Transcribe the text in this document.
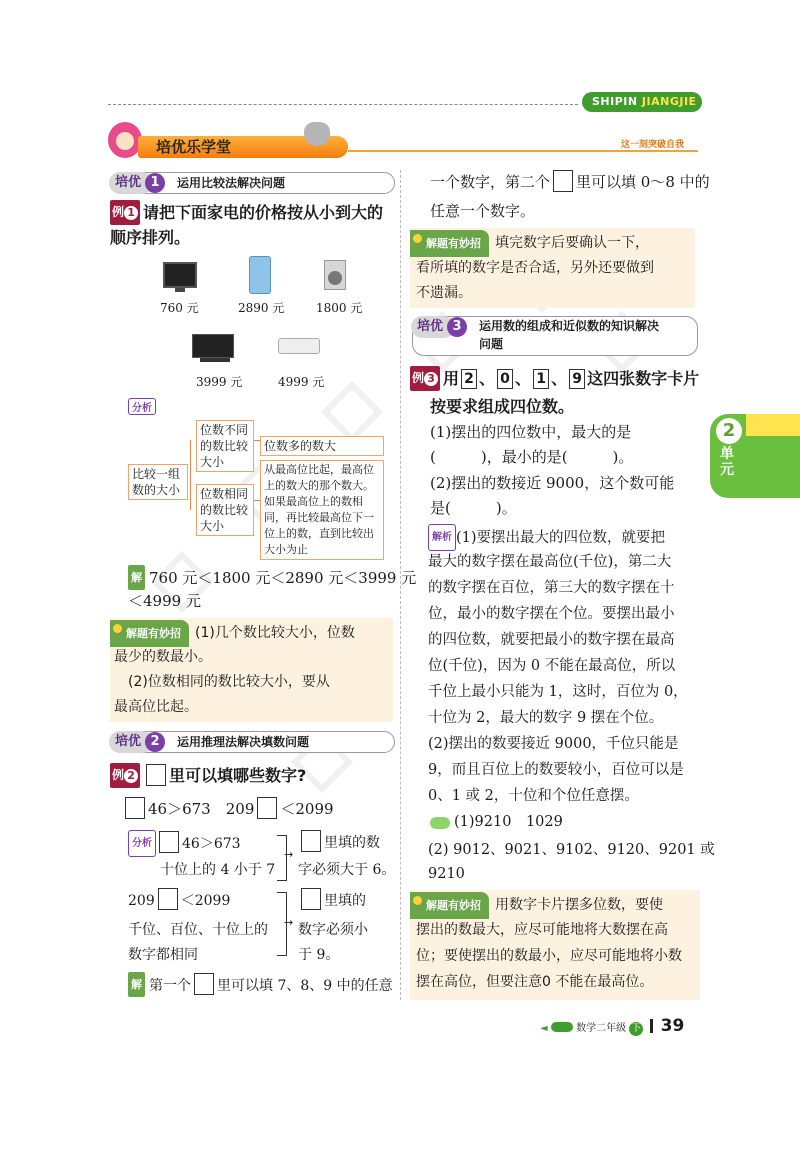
SHIPIN JIANGJIE
培优乐学堂	这一刻突破自我
培优 1	运用比较法解决问题
例 1 请把下面家电的价格按从小到大的
顺序排列。
760 元	2890 元	1800 元
3999 元	4999 元
分析
比较一组数的大小
位数不同的数比较大小
位数多的数大
位数相同的数比较大小
从最高位比起，最高位上的数大的那个数大。如果最高位上的数相同，再比较最高位下一位上的数，直到比较出大小为止
解 760 元＜1800 元＜2890 元＜3999 元
＜4999 元
解题有妙招 (1)几个数比较大小，位数
最少的数最小。
(2)位数相同的数比较大小，要从
最高位比起。
培优 2	运用推理法解决填数问题
例 2 里可以填哪些数字?
46＞673　 209 ＜2099
分析 46＞673
十位上的 4 小于 7
里填的数
字必须大于 6。
→
209 ＜2099
千位、百位、十位上的
数字都相同
→
里填的
数字必须小
于 9。
解 第一个 里可以填 7、8、9 中的任意
一个数字，第二个 里可以填 0～8 中的
任意一个数字。
解题有妙招 填完数字后要确认一下，
看所填的数字是否合适，另外还要做到
不遗漏。
培优 3	运用数的组成和近似数的知识解决
问题
例 3 用 2 、 0 、 1 、 9 这四张数字卡片
按要求组成四位数。
(1)摆出的四位数中，最大的是
(　　　)，最小的是(　　　)。
(2)摆出的数接近 9000，这个数可能
是(　　　)。
解析 (1)要摆出最大的四位数，就要把
最大的数字摆在最高位(千位)，第二大
的数字摆在百位，第三大的数字摆在十
位，最小的数字摆在个位。要摆出最小
的四位数，就要把最小的数字摆在最高
位(千位)，因为 0 不能在最高位，所以
千位上最小只能为 1，这时，百位为 0，
十位为 2，最大的数字 9 摆在个位。
(2)摆出的数要接近 9000，千位只能是
9，而且百位上的数要较小，百位可以是
0、1 或 2，十位和个位任意摆。
(1)9210　1029
(2) 9012、9021、9102、9120、9201 或
9210
解题有妙招 用数字卡片摆多位数，要使
摆出的数最大，应尽可能地将大数摆在高
位；要使摆出的数最小，应尽可能地将小数
摆在高位，但要注意0 不能在最高位。
2
单元
◄	数学二年级 下 39
